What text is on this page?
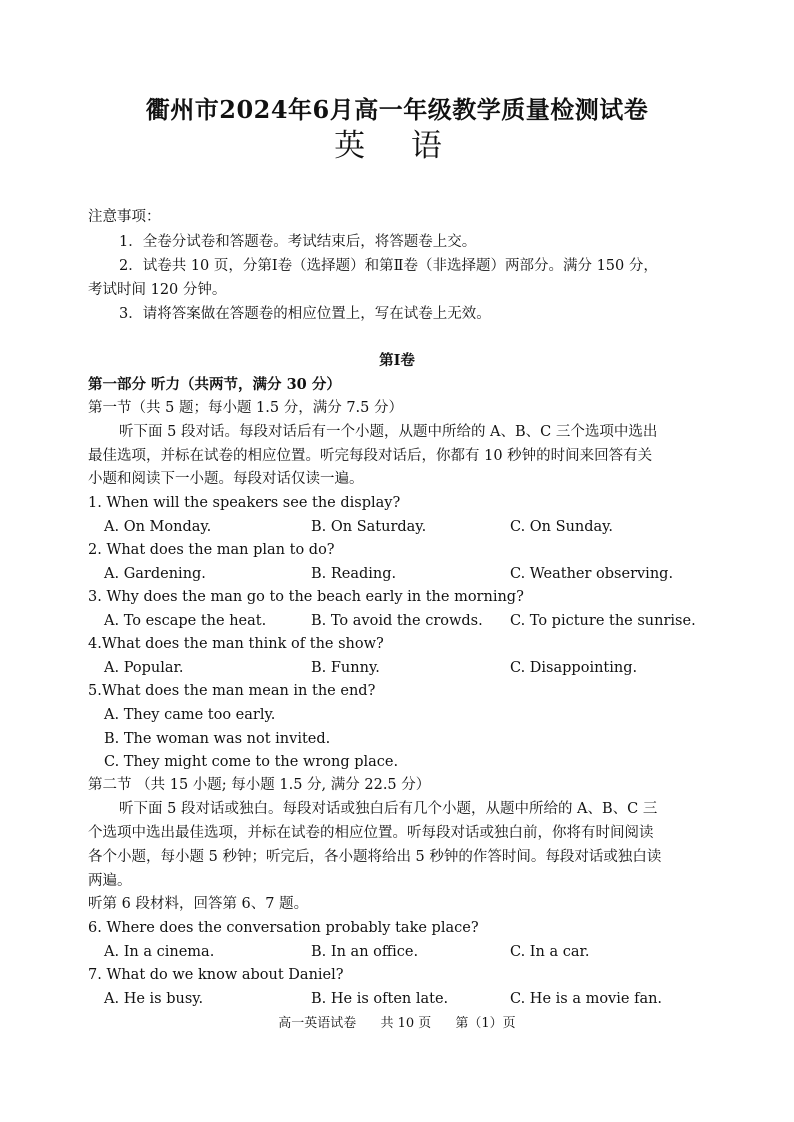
衢州市2024年6月高一年级教学质量检测试卷
英 语
注意事项：
1．全卷分试卷和答题卷。考试结束后，将答题卷上交。
2．试卷共 10 页，分第Ⅰ卷（选择题）和第Ⅱ卷（非选择题）两部分。满分 150 分，
考试时间 120 分钟。
3．请将答案做在答题卷的相应位置上，写在试卷上无效。
第Ⅰ卷
第一部分 听力（共两节，满分 30 分）
第一节（共 5 题；每小题 1.5 分，满分 7.5 分）
听下面 5 段对话。每段对话后有一个小题，从题中所给的 A、B、C 三个选项中选出
最佳选项，并标在试卷的相应位置。听完每段对话后，你都有 10 秒钟的时间来回答有关
小题和阅读下一小题。每段对话仅读一遍。
1. When will the speakers see the display?
A. On Monday.	B. On Saturday.	C. On Sunday.
2. What does the man plan to do?
A. Gardening.	B. Reading.	C. Weather observing.
3. Why does the man go to the beach early in the morning?
A. To escape the heat.	B. To avoid the crowds. C. To picture the sunrise.
4.What does the man think of the show?
A. Popular.	B. Funny.	C. Disappointing.
5.What does the man mean in the end?
A. They came too early.
B. The woman was not invited.
C. They might come to the wrong place.
第二节 （共 15 小题; 每小题 1.5 分, 满分 22.5 分）
听下面 5 段对话或独白。每段对话或独白后有几个小题，从题中所给的 A、B、C 三
个选项中选出最佳选项，并标在试卷的相应位置。听每段对话或独白前，你将有时间阅读
各个小题，每小题 5 秒钟；听完后，各小题将给出 5 秒钟的作答时间。每段对话或独白读
两遍。
听第 6 段材料，回答第 6、7 题。
6. Where does the conversation probably take place?
A. In a cinema.	B. In an office.	C. In a car.
7. What do we know about Daniel?
A. He is busy.	B. He is often late.	C. He is a movie fan.
高一英语试卷 共 10 页 第（1）页
